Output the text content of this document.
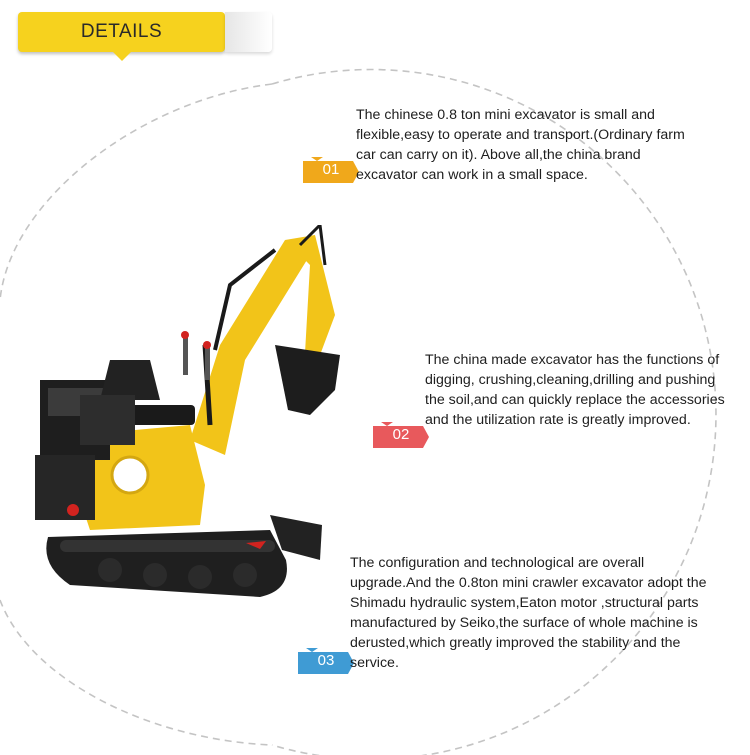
DETAILS
01

The chinese 0.8 ton mini excavator is small and flexible,easy to operate and transport.(Ordinary farm car can carry on it). Above all,the china brand excavator can work in a small space.

02

The china made excavator has the functions of digging, crushing,cleaning,drilling and pushing the soil,and can quickly replace the accessories and the utilization rate is greatly improved.

03

The configuration and technological are overall upgrade.And the 0.8ton mini crawler excavator adopt the Shimadu hydraulic system,Eaton motor ,structural parts manufactured by Seiko,the surface of whole machine is derusted,which greatly improved the stability and the service.
